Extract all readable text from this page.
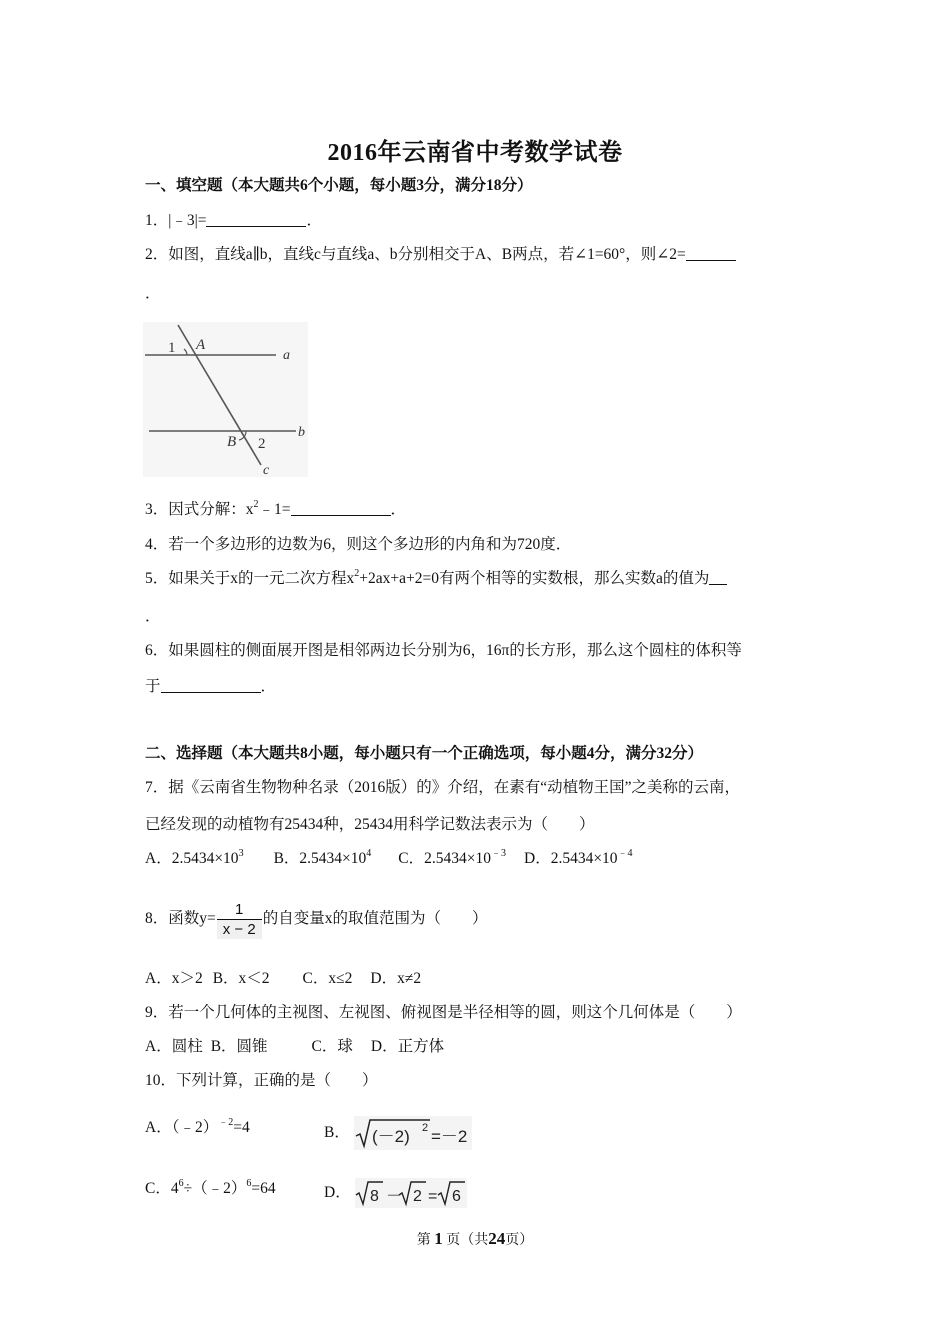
2016年云南省中考数学试卷
一、填空题（本大题共6个小题，每小题3分，满分18分）
1．|﹣3|=	．
2．如图，直线a∥b，直线c与直线a、b分别相交于A、B两点，若∠1=60°，则∠2=
．
1 A
a
B 2
b
c
3．因式分解：$x^2﹣1=$	．
4．若一个多边形的边数为6，则这个多边形的内角和为720度．
5．如果关于x的一元二次方程$x^2+2ax+a+2=0$有两个相等的实数根，那么实数a的值为
．
6．如果圆柱的侧面展开图是相邻两边长分别为6，16π的长方形，那么这个圆柱的体积等
于	．
二、选择题（本大题共8小题，每小题只有一个正确选项，每小题4分，满分32分）
7．据《云南省生物物种名录（2016版）的》介绍，在素有“动植物王国”之美称的云南，
已经发现的动植物有25434种，25434用科学记数法表示为（　　）
A．$2.5434\times 10^3$ B．$2.5434\times 10^4$ C．$2.5434\times 10^{﹣3}$ D．$2.5434\times 10^{﹣4}$
8．函数$y= \frac{1}{x - 2}$ 的自变量x的取值范围为（　　）
A．x＞2 B．x＜2 C．x≤2 D．x≠2
9．若一个几何体的主视图、左视图、俯视图是半径相等的圆，则这个几何体是（　　）
A．圆柱 B．圆锥	C．球 D．正方体
10．下列计算，正确的是（　　）
A．（﹣2）$^{﹣2}$=4	B． (－2) 2 =－2
C．$4^6\div(﹣2)^6=64$	D． 8 － 2 = 6
第 1 页（共24页）
